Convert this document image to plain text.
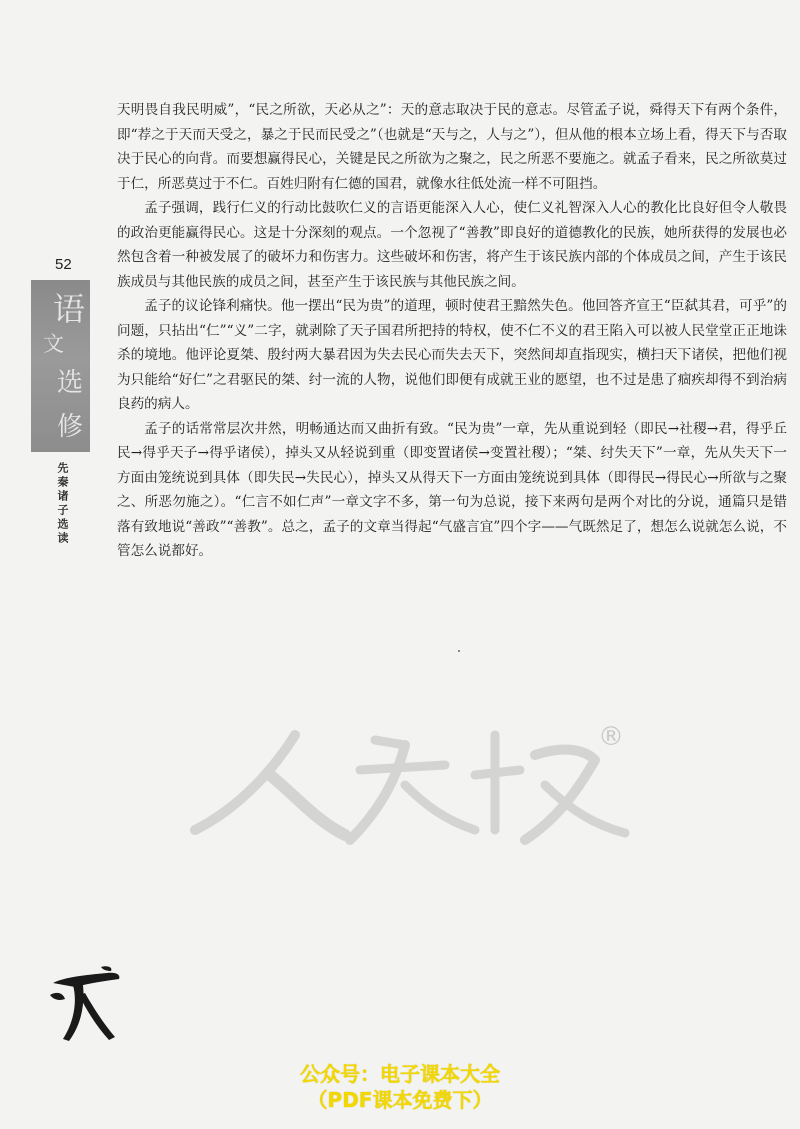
52
语
文
选
修
先秦诸子选读

天明畏自我民明威”，“民之所欲，天必从之”：天的意志取决于民的意志。尽管孟子说，舜得天下有两个条件，即“荐之于天而天受之，暴之于民而民受之”（也就是“天与之，人与之”），但从他的根本立场上看，得天下与否取决于民心的向背。而要想赢得民心，关键是民之所欲为之聚之，民之所恶不要施之。就孟子看来，民之所欲莫过于仁，所恶莫过于不仁。百姓归附有仁德的国君，就像水往低处流一样不可阻挡。

孟子强调，践行仁义的行动比鼓吹仁义的言语更能深入人心，使仁义礼智深入人心的教化比良好但令人敬畏的政治更能赢得民心。这是十分深刻的观点。一个忽视了“善教”即良好的道德教化的民族，她所获得的发展也必然包含着一种被发展了的破坏力和伤害力。这些破坏和伤害，将产生于该民族内部的个体成员之间，产生于该民族成员与其他民族的成员之间，甚至产生于该民族与其他民族之间。

孟子的议论锋利痛快。他一摆出“民为贵”的道理，顿时使君王黯然失色。他回答齐宣王“臣弑其君，可乎”的问题，只拈出“仁”“义”二字，就剥除了天子国君所把持的特权，使不仁不义的君王陷入可以被人民堂堂正正地诛杀的境地。他评论夏桀、殷纣两大暴君因为失去民心而失去天下，突然间却直指现实，横扫天下诸侯，把他们视为只能给“好仁”之君驱民的桀、纣一流的人物，说他们即便有成就王业的愿望，也不过是患了痼疾却得不到治病良药的病人。

孟子的话常常层次井然，明畅通达而又曲折有致。“民为贵”一章，先从重说到轻（即民→社稷→君，得乎丘民→得乎天子→得乎诸侯），掉头又从轻说到重（即变置诸侯→变置社稷）；“桀、纣失天下”一章，先从失天下一方面由笼统说到具体（即失民→失民心），掉头又从得天下一方面由笼统说到具体（即得民→得民心→所欲与之聚之、所恶勿施之）。“仁言不如仁声”一章文字不多，第一句为总说，接下来两句是两个对比的分说，通篇只是错落有致地说“善政”“善教”。总之，孟子的文章当得起“气盛言宜”四个字——气既然足了，想怎么说就怎么说，不管怎么说都好。

®
公众号：电子课本大全
（PDF课本免费下）
